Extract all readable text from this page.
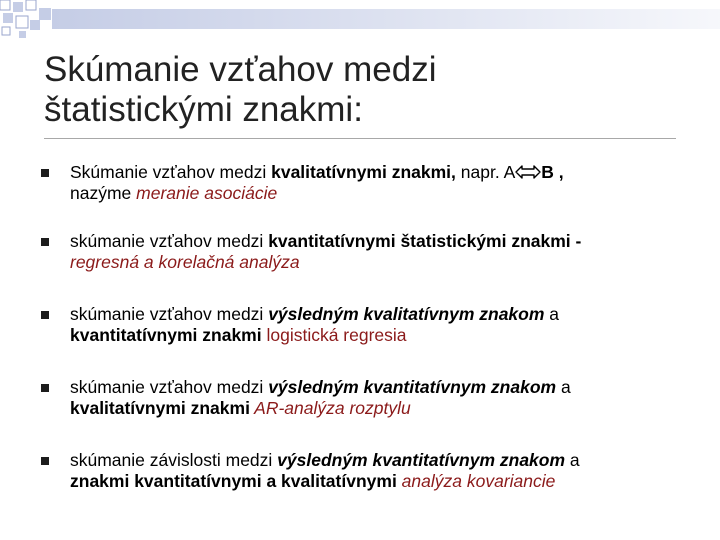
Skúmanie vzťahov medzi
štatistickými znakmi:
Skúmanie vzťahov medzi kvalitatívnymi znakmi, napr. A B ,
nazýme meranie asociácie
skúmanie vzťahov medzi kvantitatívnymi štatistickými znakmi -
regresná a korelačná analýza
skúmanie vzťahov medzi výsledným kvalitatívnym znakom a
kvantitatívnymi znakmi logistická regresia
skúmanie vzťahov medzi výsledným kvantitatívnym znakom a
kvalitatívnymi znakmi AR-analýza rozptylu
skúmanie závislosti medzi výsledným kvantitatívnym znakom a
znakmi kvantitatívnymi a kvalitatívnymi analýza kovariancie
